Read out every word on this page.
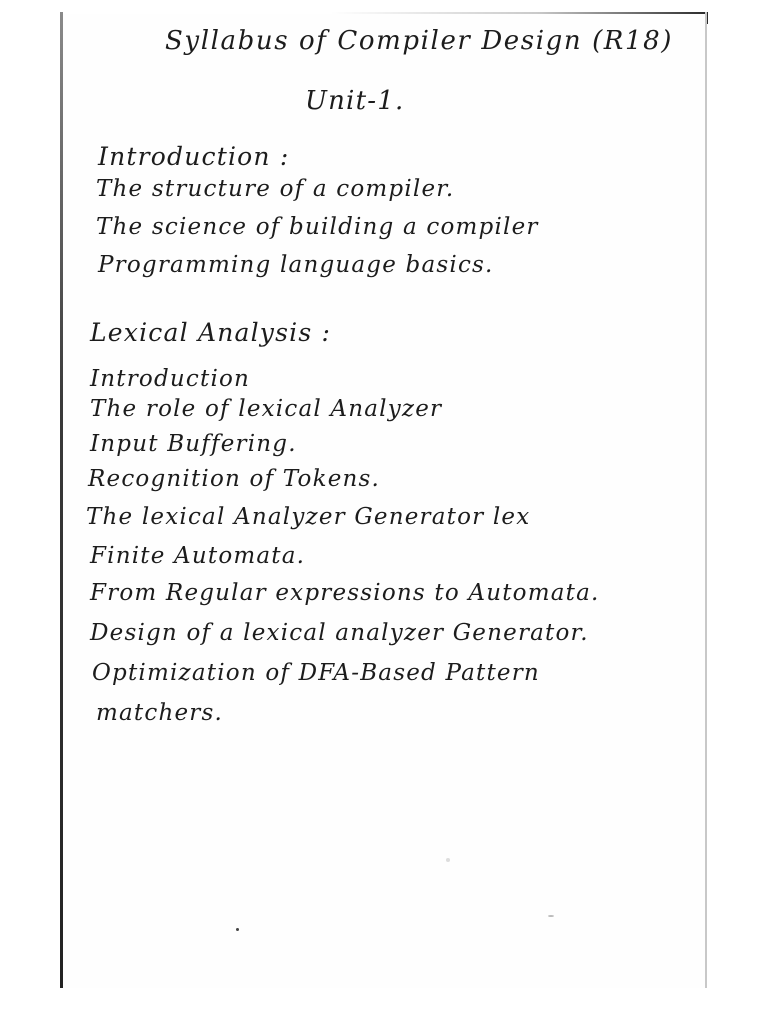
Syllabus of Compiler Design (R18)
Unit-1.
Introduction :
The structure of a compiler.
The science of building a compiler
Programming language basics.
Lexical Analysis :
Introduction
The role of lexical Analyzer
Input Buffering.
Recognition of Tokens.
The lexical Analyzer Generator lex
Finite Automata.
From Regular expressions to Automata.
Design of a lexical analyzer Generator.
Optimization of DFA-Based Pattern
matchers.
